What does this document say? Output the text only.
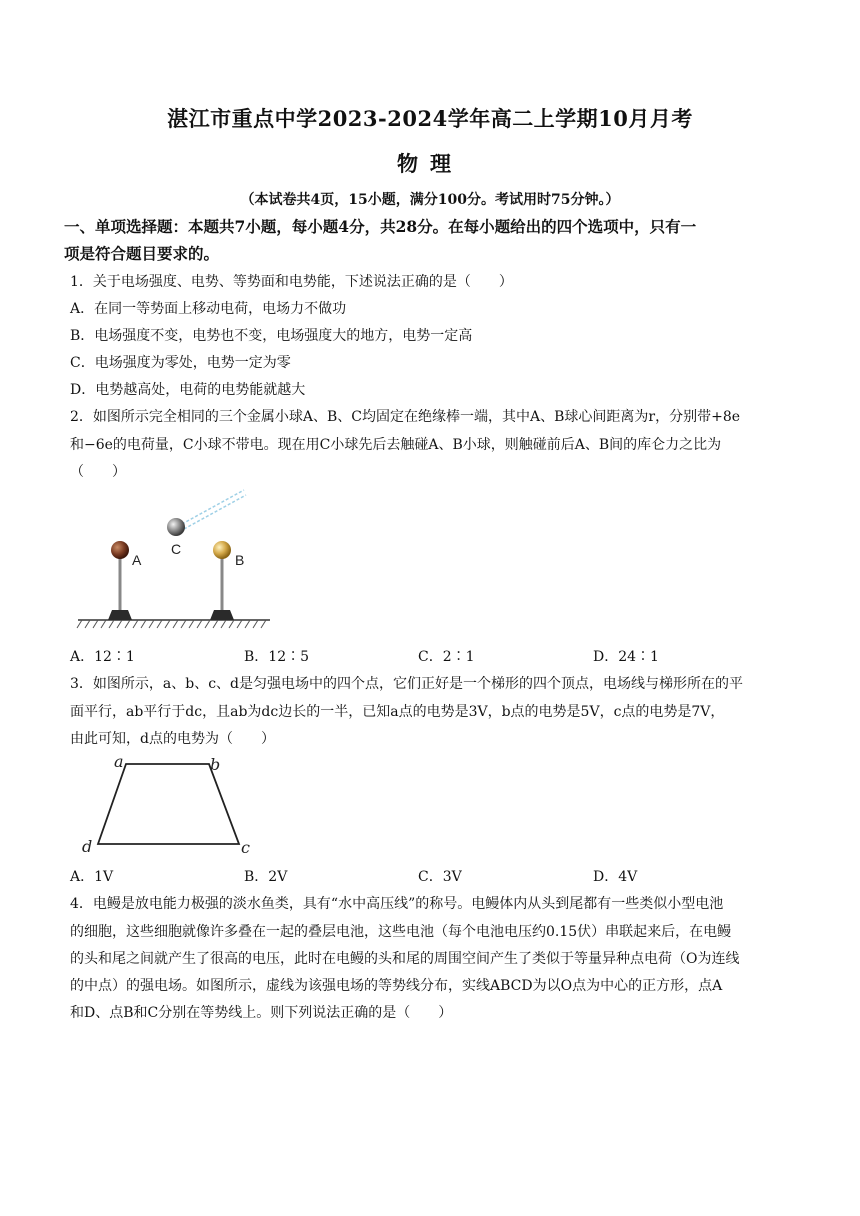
湛江市重点中学2023-2024学年高二上学期10月月考
物理
（本试卷共4页，15小题，满分100分。考试用时75分钟。）
一、单项选择题：本题共7小题，每小题4分，共28分。在每小题给出的四个选项中，只有一
项是符合题目要求的。
1．关于电场强度、电势、等势面和电势能，下述说法正确的是（　　）
A．在同一等势面上移动电荷，电场力不做功
B．电场强度不变，电势也不变，电场强度大的地方，电势一定高
C．电场强度为零处，电势一定为零
D．电势越高处，电荷的电势能就越大
2．如图所示完全相同的三个金属小球A、B、C均固定在绝缘棒一端，其中A、B球心间距离为r，分别带+8e
和−6e的电荷量，C小球不带电。现在用C小球先后去触碰A、B小球，则触碰前后A、B间的库仑力之比为
（　　）
A	B
C
A．12∶1	B．12∶5	C．2∶1	D．24∶1
3．如图所示，a、b、c、d是匀强电场中的四个点，它们正好是一个梯形的四个顶点，电场线与梯形所在的平
面平行，ab平行于dc，且ab为dc边长的一半，已知a点的电势是3V，b点的电势是5V，c点的电势是7V，
由此可知，d点的电势为（　　）
a	b
c
d
A．1V	B．2V	C．3V	D．4V
4．电鳗是放电能力极强的淡水鱼类，具有“水中高压线”的称号。电鳗体内从头到尾都有一些类似小型电池
的细胞，这些细胞就像许多叠在一起的叠层电池，这些电池（每个电池电压约0.15伏）串联起来后，在电鳗
的头和尾之间就产生了很高的电压，此时在电鳗的头和尾的周围空间产生了类似于等量异种点电荷（O为连线
的中点）的强电场。如图所示，虚线为该强电场的等势线分布，实线ABCD为以O点为中心的正方形，点A
和D、点B和C分别在等势线上。则下列说法正确的是（　　）
